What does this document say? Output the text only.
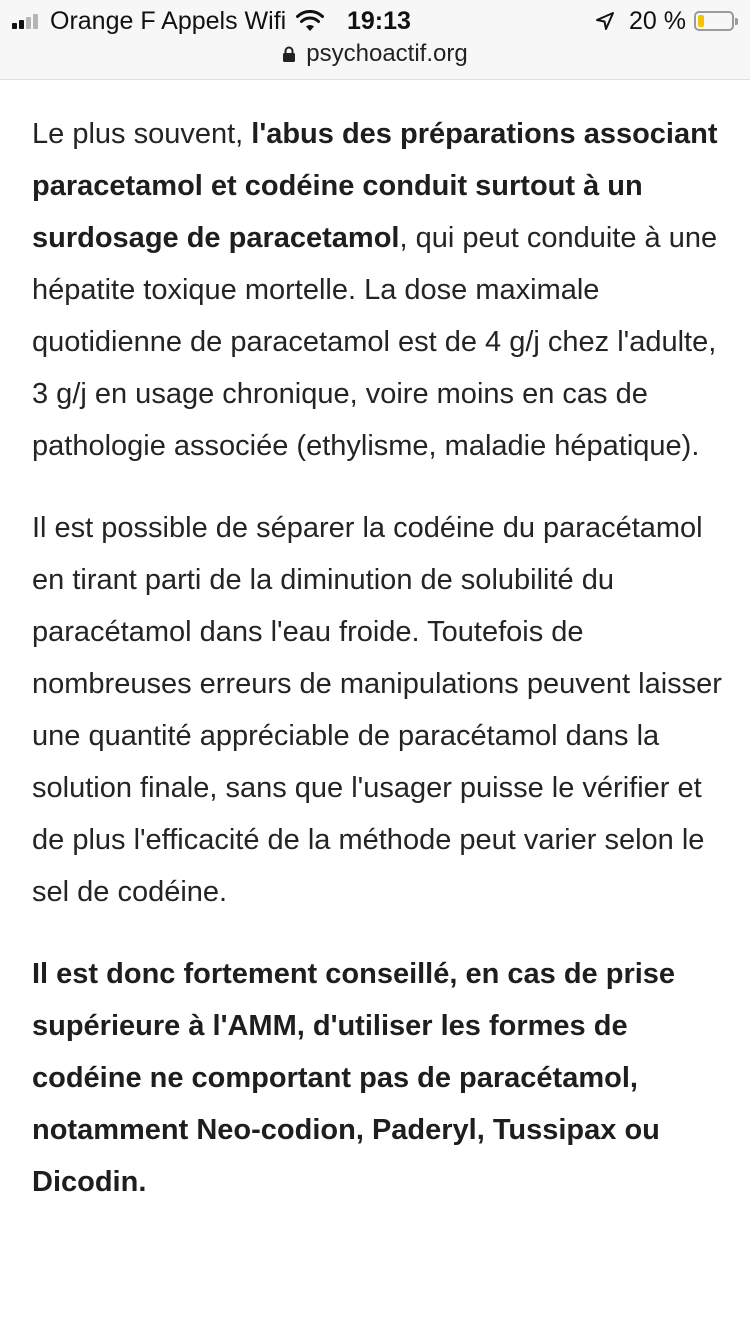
Orange F Appels Wifi 19:13	20 %
psychoactif.org

Le plus souvent, l'abus des préparations associant paracetamol et codéine conduit surtout à un surdosage de paracetamol, qui peut conduite à une hépatite toxique mortelle. La dose maximale quotidienne de paracetamol est de 4 g/j chez l'adulte, 3 g/j en usage chronique, voire moins en cas de pathologie associée (ethylisme, maladie hépatique).

Il est possible de séparer la codéine du paracétamol en tirant parti de la diminution de solubilité du paracétamol dans l'eau froide. Toutefois de nombreuses erreurs de manipulations peuvent laisser une quantité appréciable de paracétamol dans la solution finale, sans que l'usager puisse le vérifier et de plus l'efficacité de la méthode peut varier selon le sel de codéine.

Il est donc fortement conseillé, en cas de prise supérieure à l'AMM, d'utiliser les formes de codéine ne comportant pas de paracétamol, notamment Neo-codion, Paderyl, Tussipax ou Dicodin.
